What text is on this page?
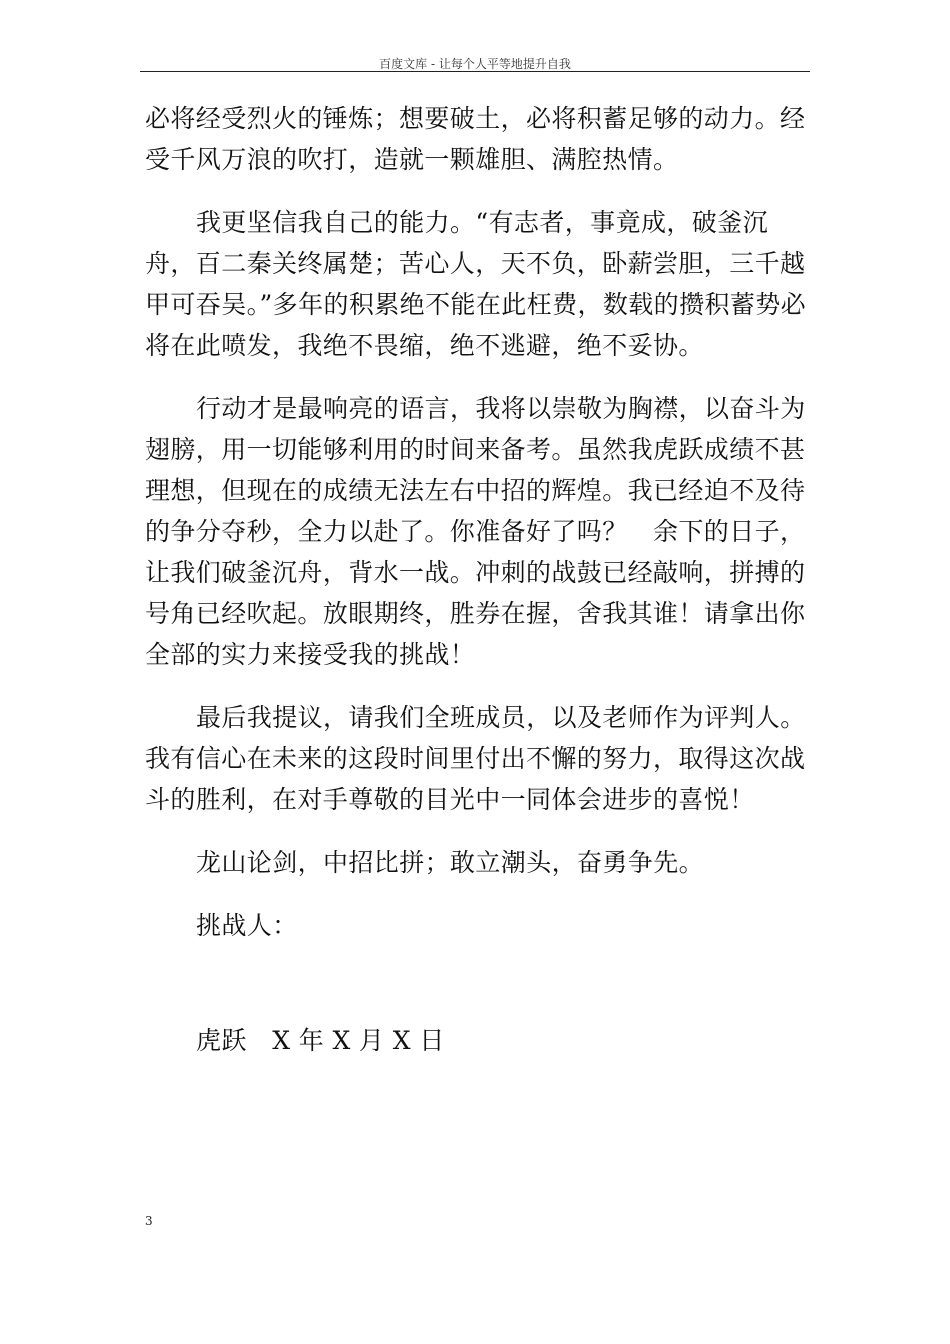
百度文库 - 让每个人平等地提升自我

必将经受烈火的锤炼；想要破土，必将积蓄足够的动力。经受千风万浪的吹打，造就一颗雄胆、满腔热情。

我更坚信我自己的能力。“有志者，事竟成，破釜沉舟，百二秦关终属楚；苦心人，天不负，卧薪尝胆，三千越甲可吞吴。”多年的积累绝不能在此枉费，数载的攒积蓄势必将在此喷发，我绝不畏缩，绝不逃避，绝不妥协。

行动才是最响亮的语言，我将以崇敬为胸襟，以奋斗为翅膀，用一切能够利用的时间来备考。虽然我虎跃成绩不甚理想，但现在的成绩无法左右中招的辉煌。我已经迫不及待的争分夺秒，全力以赴了。你准备好了吗？　余下的日子，让我们破釜沉舟，背水一战。冲刺的战鼓已经敲响，拼搏的号角已经吹起。放眼期终，胜券在握，舍我其谁！请拿出你全部的实力来接受我的挑战！

最后我提议，请我们全班成员，以及老师作为评判人。我有信心在未来的这段时间里付出不懈的努力，取得这次战斗的胜利，在对手尊敬的目光中一同体会进步的喜悦！

龙山论剑，中招比拼；敢立潮头，奋勇争先。

挑战人：

虎跃　X 年 X 月 X 日

3
